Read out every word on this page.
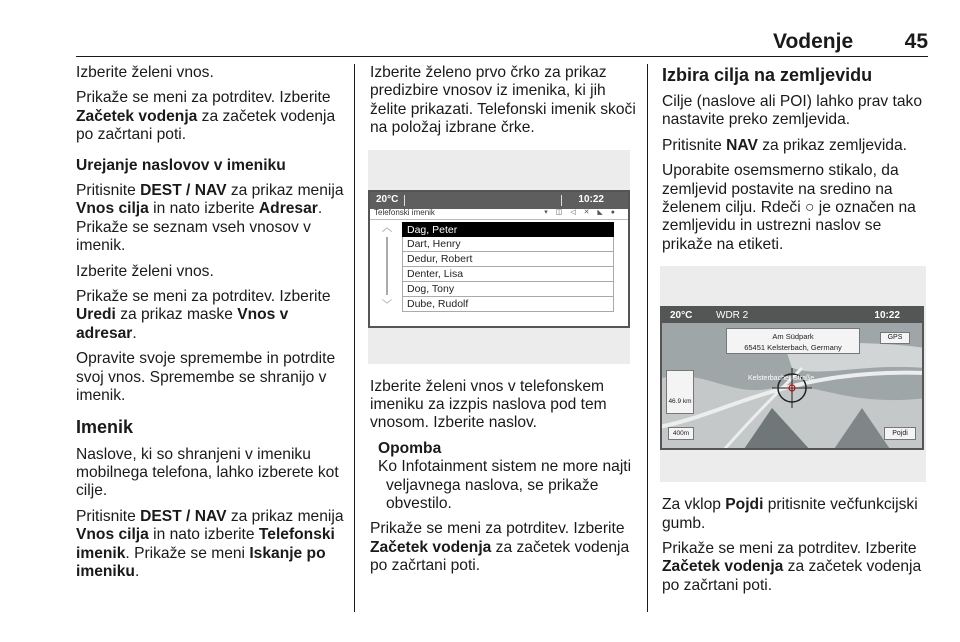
Vodenje	45

Izberite želeni vnos.

Prikaže se meni za potrditev. Izberite Začetek vodenja za začetek vodenja po začrtani poti.

Urejanje naslovov v imeniku

Pritisnite DEST / NAV za prikaz menija Vnos cilja in nato izberite Adresar. Prikaže se seznam vseh vnosov v imenik.

Izberite želeni vnos.

Prikaže se meni za potrditev. Izberite Uredi za prikaz maske Vnos v adresar.

Opravite svoje spremembe in potrdite svoj vnos. Spremembe se shranijo v imenik.

Imenik

Naslove, ki so shranjeni v imeniku mobilnega telefona, lahko izberete kot cilje.

Pritisnite DEST / NAV za prikaz menija Vnos cilja in nato izberite Telefonski imenik. Prikaže se meni Iskanje po imeniku.

Izberite želeno prvo črko za prikaz predizbire vnosov iz imenika, ki jih želite prikazati. Telefonski imenik skoči na položaj izbrane črke.

20°C	10:22
Telefonski imenik	▾ ◫ ◁ ✕ ◣ ●
︿
﹀
Dag, Peter
Dart, Henry
Dedur, Robert
Denter, Lisa
Dog, Tony
Dube, Rudolf

Izberite želeni vnos v telefonskem imeniku za izzpis naslova pod tem vnosom. Izberite naslov.

Opomba
Ko Infotainment sistem ne more najti veljavnega naslova, se prikaže obvestilo.

Prikaže se meni za potrditev. Izberite Začetek vodenja za začetek vodenja po začrtani poti.

Izbira cilja na zemljevidu

Cilje (naslove ali POI) lahko prav tako nastavite preko zemljevida.

Pritisnite NAV za prikaz zemljevida.

Uporabite osemsmerno stikalo, da zemljevid postavite na sredino na želenem cilju. Rdeči ○ je označen na zemljevidu in ustrezni naslov se prikaže na etiketi.

20°C WDR 2	10:22
Am Südpark
65451 Kelsterbach, Germany
GPS
46.9 km
Kelsterbacher Straße
400m	Pojdi

Za vklop Pojdi pritisnite večfunkcijski gumb.

Prikaže se meni za potrditev. Izberite Začetek vodenja za začetek vodenja po začrtani poti.
